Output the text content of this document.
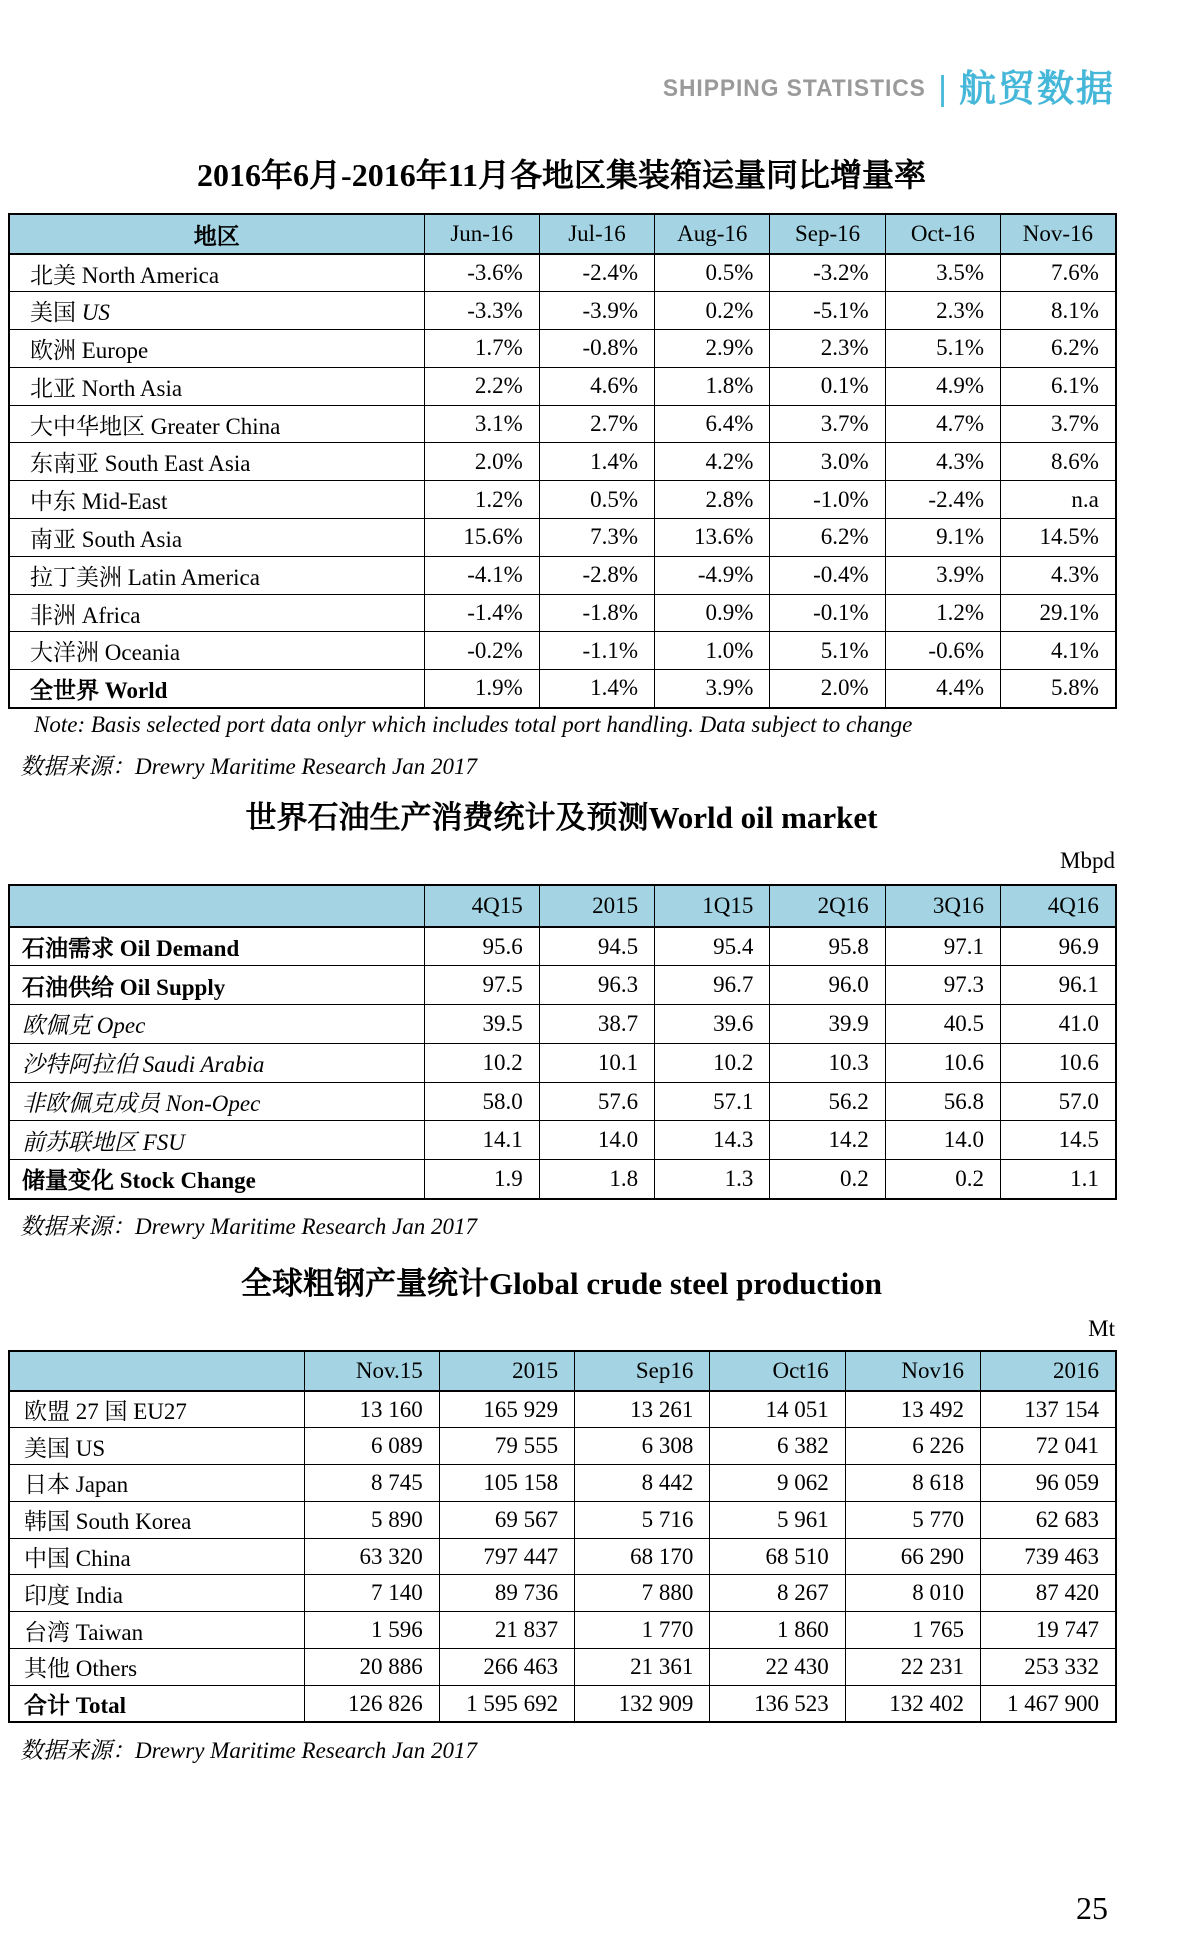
SHIPPING STATISTICS | 航贸数据
2016年6月-2016年11月各地区集装箱运量同比增量率
地区	Jun-16	Jul-16	Aug-16	Sep-16	Oct-16	Nov-16
北美 North America	-3.6%	-2.4%	0.5%	-3.2%	3.5%	7.6%
美国 US	-3.3%	-3.9%	0.2%	-5.1%	2.3%	8.1%
欧洲 Europe	1.7%	-0.8%	2.9%	2.3%	5.1%	6.2%
北亚 North Asia	2.2%	4.6%	1.8%	0.1%	4.9%	6.1%
大中华地区 Greater China	3.1%	2.7%	6.4%	3.7%	4.7%	3.7%
东南亚 South East Asia	2.0%	1.4%	4.2%	3.0%	4.3%	8.6%
中东 Mid-East	1.2%	0.5%	2.8%	-1.0%	-2.4%	n.a
南亚 South Asia	15.6%	7.3%	13.6%	6.2%	9.1%	14.5%
拉丁美洲 Latin America	-4.1%	-2.8%	-4.9%	-0.4%	3.9%	4.3%
非洲 Africa	-1.4%	-1.8%	0.9%	-0.1%	1.2%	29.1%
大洋洲 Oceania	-0.2%	-1.1%	1.0%	5.1%	-0.6%	4.1%
全世界 World	1.9%	1.4%	3.9%	2.0%	4.4%	5.8%

Note: Basis selected port data onlyr which includes total port handling. Data subject to change

数据来源：Drewry Maritime Research Jan 2017

世界石油生产消费统计及预测World oil market
Mbpd
	4Q15	2015	1Q15	2Q16	3Q16	4Q16
石油需求 Oil Demand	95.6	94.5	95.4	95.8	97.1	96.9
石油供给 Oil Supply	97.5	96.3	96.7	96.0	97.3	96.1
欧佩克 Opec	39.5	38.7	39.6	39.9	40.5	41.0
沙特阿拉伯 Saudi Arabia	10.2	10.1	10.2	10.3	10.6	10.6
非欧佩克成员 Non-Opec	58.0	57.6	57.1	56.2	56.8	57.0
前苏联地区 FSU	14.1	14.0	14.3	14.2	14.0	14.5
储量变化 Stock Change	1.9	1.8	1.3	0.2	0.2	1.1

数据来源：Drewry Maritime Research Jan 2017

全球粗钢产量统计Global crude steel production
Mt
	Nov.15	2015	Sep16	Oct16	Nov16	2016
欧盟 27 国 EU27	13 160	165 929	13 261	14 051	13 492	137 154
美国 US	6 089	79 555	6 308	6 382	6 226	72 041
日本 Japan	8 745	105 158	8 442	9 062	8 618	96 059
韩国 South Korea	5 890	69 567	5 716	5 961	5 770	62 683
中国 China	63 320	797 447	68 170	68 510	66 290	739 463
印度 India	7 140	89 736	7 880	8 267	8 010	87 420
台湾 Taiwan	1 596	21 837	1 770	1 860	1 765	19 747
其他 Others	20 886	266 463	21 361	22 430	22 231	253 332
合计 Total	126 826	1 595 692	132 909	136 523	132 402	1 467 900

数据来源：Drewry Maritime Research Jan 2017

25
